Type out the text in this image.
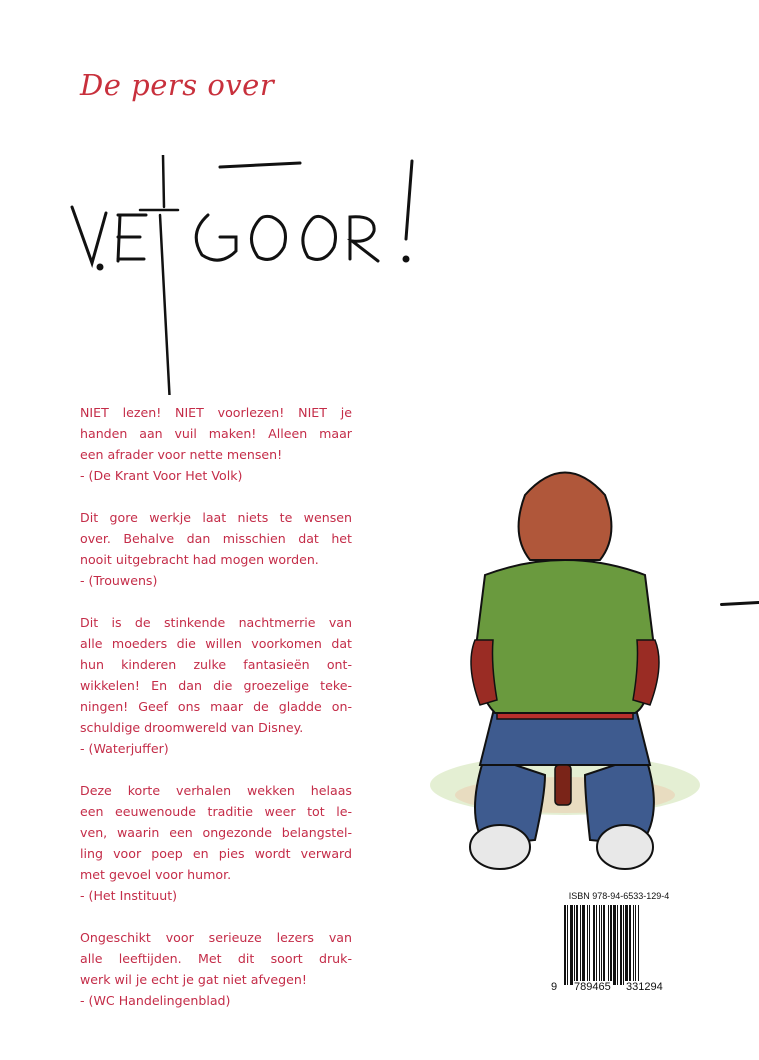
De pers over
NIET lezen! NIET voorlezen! NIET je
handen aan vuil maken! Alleen maar
een afrader voor nette mensen!
- (De Krant Voor Het Volk)
Dit gore werkje laat niets te wensen
over. Behalve dan misschien dat het
nooit uitgebracht had mogen worden.
- (Trouwens)
Dit is de stinkende nachtmerrie van
alle moeders die willen voorkomen dat
hun kinderen zulke fantasieën ont-
wikkelen! En dan die groezelige teke-
ningen! Geef ons maar de gladde on-
schuldige droomwereld van Disney.
- (Waterjuffer)
Deze korte verhalen wekken helaas
een eeuwenoude traditie weer tot le-
ven, waarin een ongezonde belangstel-
ling voor poep en pies wordt verward
met gevoel voor humor.
- (Het Instituut)
Ongeschikt voor serieuze lezers van
alle leeftijden. Met dit soort druk-
werk wil je echt je gat niet afvegen!
- (WC Handelingenblad)
ISBN 978-94-6533-129-4
9 789465 331294
